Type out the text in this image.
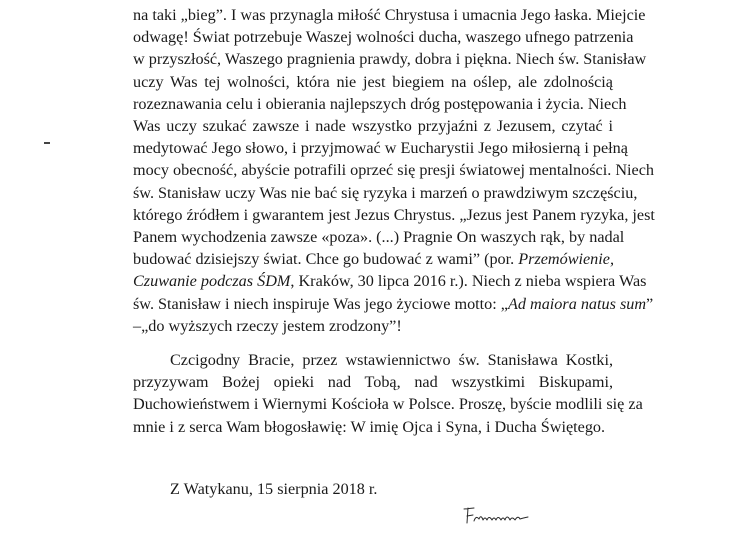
na taki „bieg”. I was przynagla miłość Chrystusa i umacnia Jego łaska. Miejcie
odwagę! Świat potrzebuje Waszej wolności ducha, waszego ufnego patrzenia
w przyszłość, Waszego pragnienia prawdy, dobra i piękna. Niech św. Stanisław
uczy Was tej wolności, która nie jest biegiem na oślep, ale zdolnością
rozeznawania celu i obierania najlepszych dróg postępowania i życia. Niech
Was uczy szukać zawsze i nade wszystko przyjaźni z Jezusem, czytać i
medytować Jego słowo, i przyjmować w Eucharystii Jego miłosierną i pełną
mocy obecność, abyście potrafili oprzeć się presji światowej mentalności. Niech
św. Stanisław uczy Was nie bać się ryzyka i marzeń o prawdziwym szczęściu,
którego źródłem i gwarantem jest Jezus Chrystus. „Jezus jest Panem ryzyka, jest
Panem wychodzenia zawsze «poza». (...) Pragnie On waszych rąk, by nadal
budować dzisiejszy świat. Chce go budować z wami” (por. Przemówienie,
Czuwanie podczas ŚDM, Kraków, 30 lipca 2016 r.). Niech z nieba wspiera Was
św. Stanisław i niech inspiruje Was jego życiowe motto: „Ad maiora natus sum”
–„do wyższych rzeczy jestem zrodzony”!
Czcigodny Bracie, przez wstawiennictwo św. Stanisława Kostki,
przyzywam Bożej opieki nad Tobą, nad wszystkimi Biskupami,
Duchowieństwem i Wiernymi Kościoła w Polsce. Proszę, byście modlili się za
mnie i z serca Wam błogosławię: W imię Ojca i Syna, i Ducha Świętego.

Z Watykanu, 15 sierpnia 2018 r.
